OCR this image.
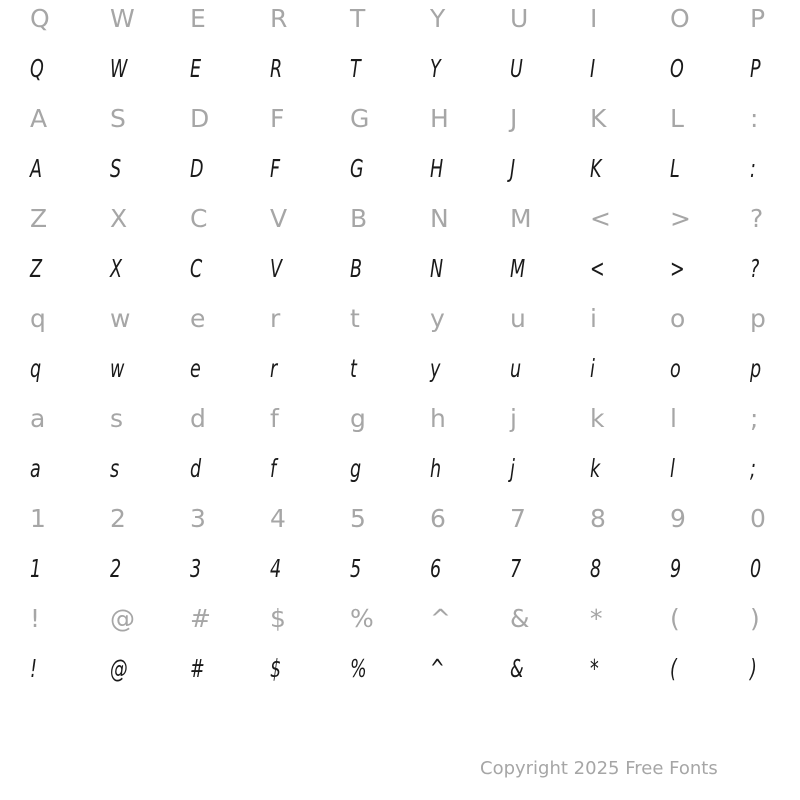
Q	W	E	R	T	Y	U	I	O	P
Q	W	E	R	T	Y	U	I	O	P
A	S	D	F	G	H	J	K	L	:
A	S	D	F	G	H	J	K	L	:
Z	X	C	V	B	N	M	<	>	?
Z	X	C	V	B	N	M	<	>	?
q	w	e	r	t	y	u	i	o	p
q	w	e	r	t	y	u	i	o	p
a	s	d	f	g	h	j	k	l	;
a	s	d	f	g	h	j	k	l	;
1	2	3	4	5	6	7	8	9	0
1	2	3	4	5	6	7	8	9	0
!	@	#	$	%	^	&	*	(	)
!	@	#	$	%	^	&	*	(	)
Copyright 2025 Free Fonts
